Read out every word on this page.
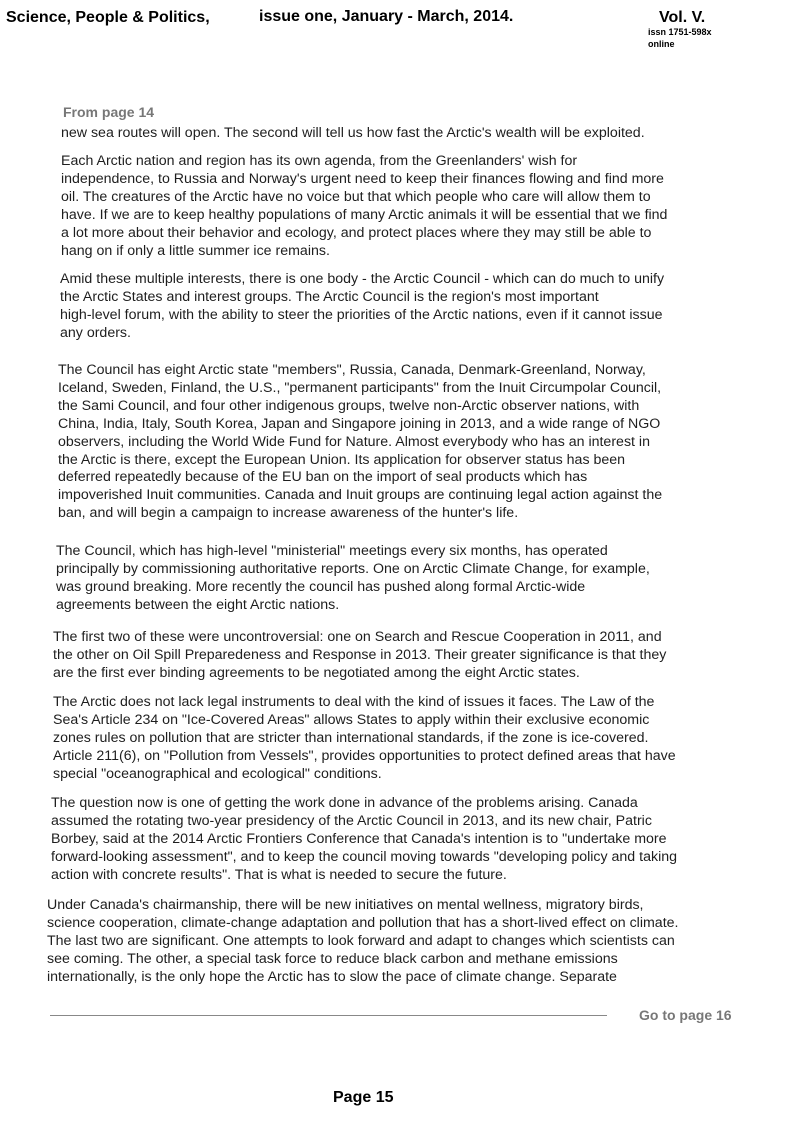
Science, People & Politics,	issue one, January - March, 2014.	Vol. V.
issn 1751-598x
online
From page 14
new sea routes will open. The second will tell us how fast the Arctic's wealth will be exploited.
Each Arctic nation and region has its own agenda, from the Greenlanders' wish for
independence, to Russia and Norway's urgent need to keep their finances flowing and find more
oil. The creatures of the Arctic have no voice but that which people who care will allow them to
have. If we are to keep healthy populations of many Arctic animals it will be essential that we find
a lot more about their behavior and ecology, and protect places where they may still be able to
hang on if only a little summer ice remains.
Amid these multiple interests, there is one body - the Arctic Council - which can do much to unify
the Arctic States and interest groups. The Arctic Council is the region's most important
high-level forum, with the ability to steer the priorities of the Arctic nations, even if it cannot issue
any orders.
The Council has eight Arctic state "members", Russia, Canada, Denmark-Greenland, Norway,
Iceland, Sweden, Finland, the U.S., "permanent participants" from the Inuit Circumpolar Council,
the Sami Council, and four other indigenous groups, twelve non-Arctic observer nations, with
China, India, Italy, South Korea, Japan and Singapore joining in 2013, and a wide range of NGO
observers, including the World Wide Fund for Nature. Almost everybody who has an interest in
the Arctic is there, except the European Union. Its application for observer status has been
deferred repeatedly because of the EU ban on the import of seal products which has
impoverished Inuit communities. Canada and Inuit groups are continuing legal action against the
ban, and will begin a campaign to increase awareness of the hunter's life.
The Council, which has high-level "ministerial" meetings every six months, has operated
principally by commissioning authoritative reports. One on Arctic Climate Change, for example,
was ground breaking. More recently the council has pushed along formal Arctic-wide
agreements between the eight Arctic nations.
The first two of these were uncontroversial: one on Search and Rescue Cooperation in 2011, and
the other on Oil Spill Preparedeness and Response in 2013. Their greater significance is that they
are the first ever binding agreements to be negotiated among the eight Arctic states.
The Arctic does not lack legal instruments to deal with the kind of issues it faces. The Law of the
Sea's Article 234 on "Ice-Covered Areas" allows States to apply within their exclusive economic
zones rules on pollution that are stricter than international standards, if the zone is ice-covered.
Article 211(6), on "Pollution from Vessels", provides opportunities to protect defined areas that have
special "oceanographical and ecological" conditions.
The question now is one of getting the work done in advance of the problems arising. Canada
assumed the rotating two-year presidency of the Arctic Council in 2013, and its new chair, Patric
Borbey, said at the 2014 Arctic Frontiers Conference that Canada's intention is to "undertake more
forward-looking assessment", and to keep the council moving towards "developing policy and taking
action with concrete results". That is what is needed to secure the future.
Under Canada's chairmanship, there will be new initiatives on mental wellness, migratory birds,
science cooperation, climate-change adaptation and pollution that has a short-lived effect on climate.
The last two are significant. One attempts to look forward and adapt to changes which scientists can
see coming. The other, a special task force to reduce black carbon and methane emissions
internationally, is the only hope the Arctic has to slow the pace of climate change. Separate
Go to page 16
Page 15
